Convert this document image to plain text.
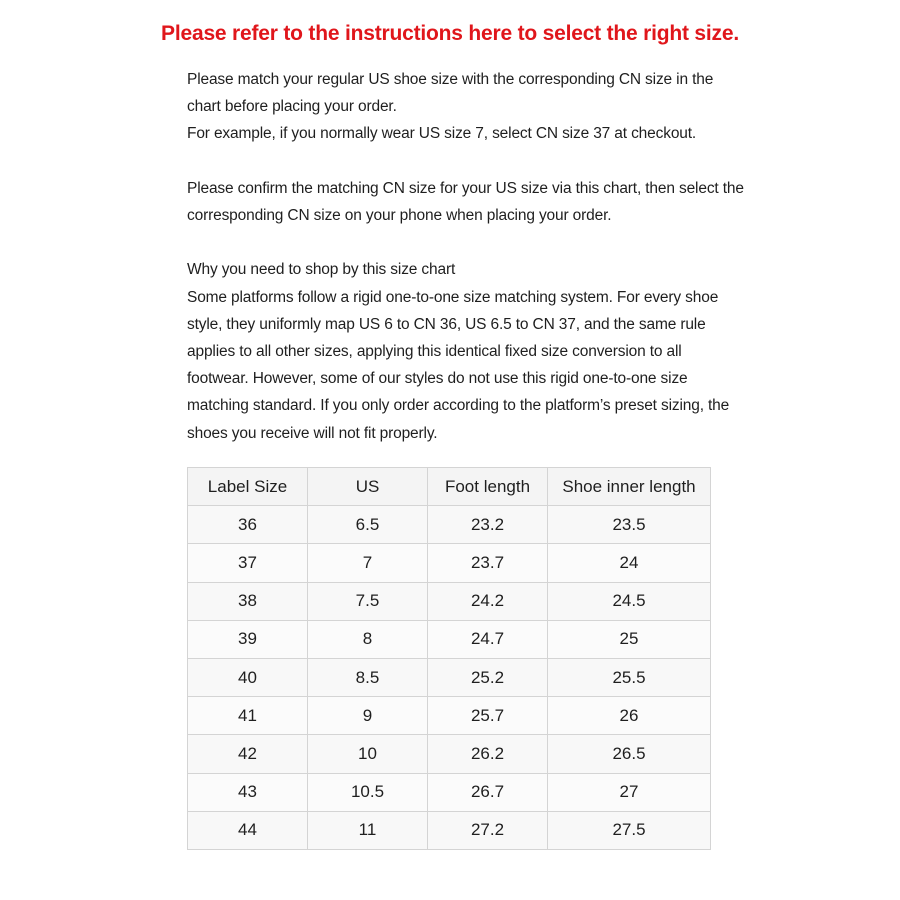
Please refer to the instructions here to select the right size.

Please match your regular US shoe size with the corresponding CN size in the chart before placing your order.
For example, if you normally wear US size 7, select CN size 37 at checkout.

Please confirm the matching CN size for your US size via this chart, then select the corresponding CN size on your phone when placing your order.

Why you need to shop by this size chart

Some platforms follow a rigid one-to-one size matching system. For every shoe style, they uniformly map US 6 to CN 36, US 6.5 to CN 37, and the same rule applies to all other sizes, applying this identical fixed size conversion to all footwear. However, some of our styles do not use this rigid one-to-one size matching standard. If you only order according to the platform’s preset sizing, the shoes you receive will not fit properly.

Label Size	US	Foot length	Shoe inner length
36	6.5	23.2	23.5
37	7	23.7	24
38	7.5	24.2	24.5
39	8	24.7	25
40	8.5	25.2	25.5
41	9	25.7	26
42	10	26.2	26.5
43	10.5	26.7	27
44	11	27.2	27.5
